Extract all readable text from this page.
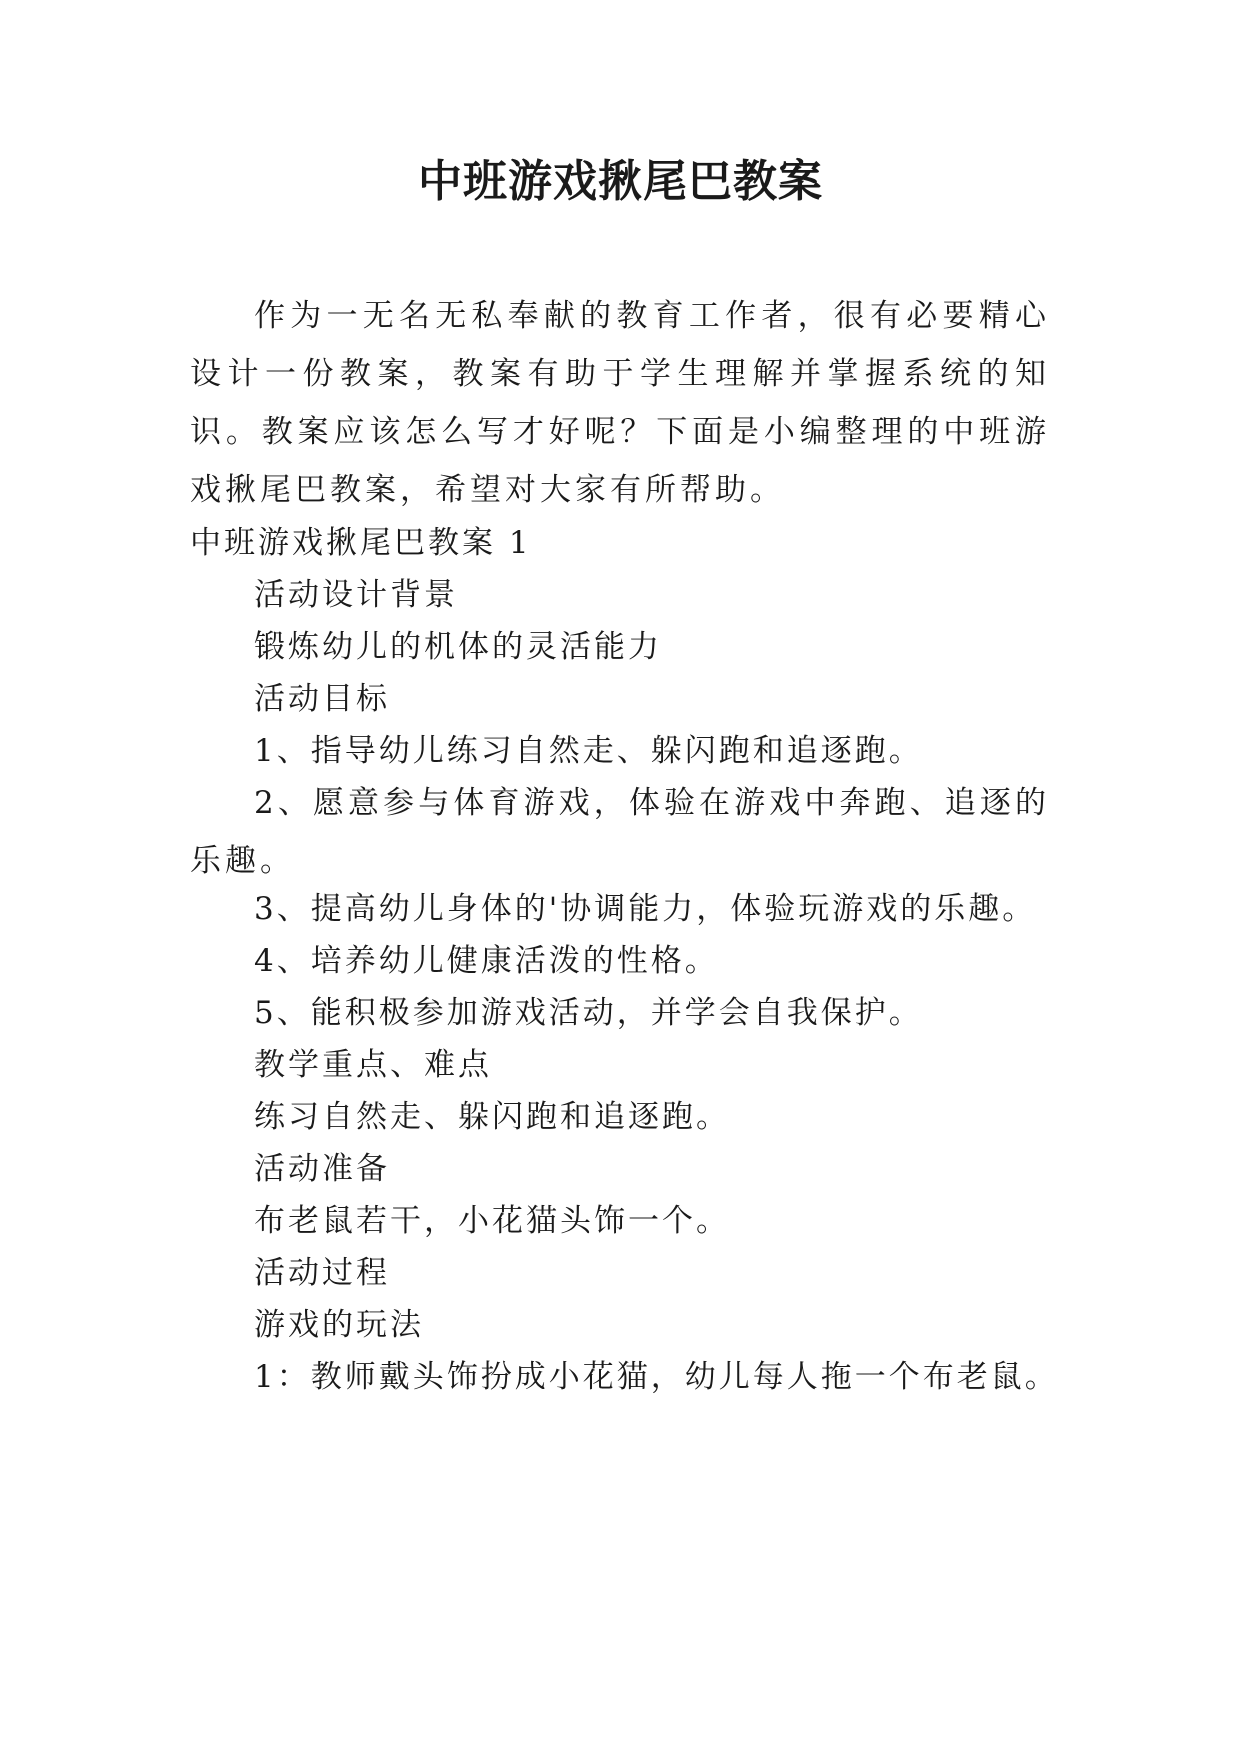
中班游戏揪尾巴教案

作为一无名无私奉献的教育工作者，很有必要精心设计一份教案，教案有助于学生理解并掌握系统的知识。教案应该怎么写才好呢？下面是小编整理的中班游戏揪尾巴教案，希望对大家有所帮助。

中班游戏揪尾巴教案 1
活动设计背景
锻炼幼儿的机体的灵活能力
活动目标
1、指导幼儿练习自然走、躲闪跑和追逐跑。
2、愿意参与体育游戏，体验在游戏中奔跑、追逐的乐趣。
3、提高幼儿身体的'协调能力，体验玩游戏的乐趣。
4、培养幼儿健康活泼的性格。
5、能积极参加游戏活动，并学会自我保护。
教学重点、难点
练习自然走、躲闪跑和追逐跑。
活动准备
布老鼠若干，小花猫头饰一个。
活动过程
游戏的玩法
1：教师戴头饰扮成小花猫，幼儿每人拖一个布老鼠。
